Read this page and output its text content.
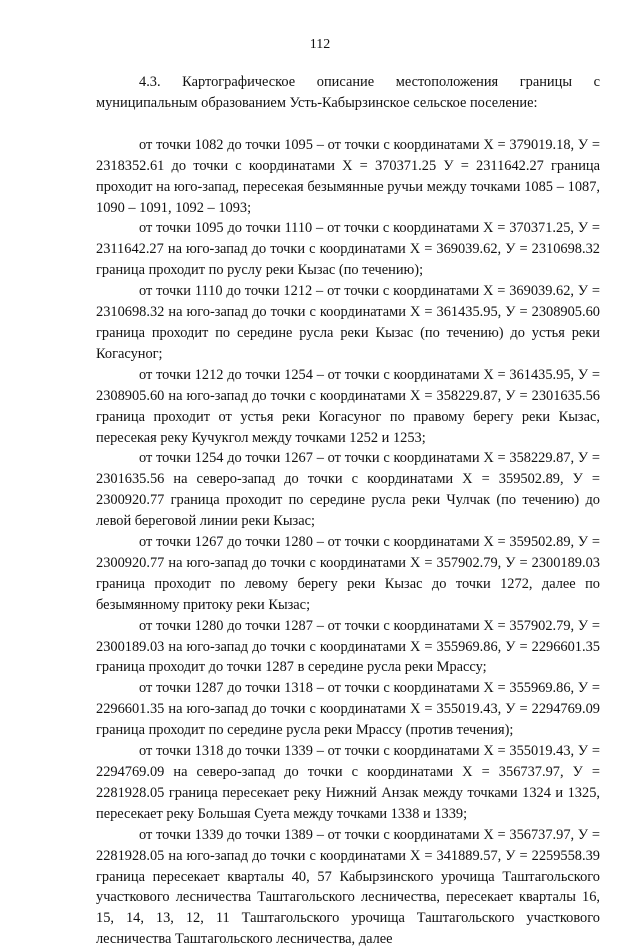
112

4.3. Картографическое описание местоположения границы с муниципальным образованием Усть-Кабырзинское сельское поселение:

от точки 1082 до точки 1095 – от точки с координатами Х = 379019.18, У = 2318352.61 до точки с координатами Х = 370371.25 У = 2311642.27 граница проходит на юго-запад, пересекая безымянные ручьи между точками 1085 – 1087, 1090 – 1091, 1092 – 1093;

от точки 1095 до точки 1110 – от точки с координатами Х = 370371.25, У = 2311642.27 на юго-запад до точки с координатами Х = 369039.62, У = 2310698.32 граница проходит по руслу реки Кызас (по течению);

от точки 1110 до точки 1212 – от точки с координатами Х = 369039.62, У = 2310698.32 на юго-запад до точки с координатами Х = 361435.95, У = 2308905.60 граница проходит по середине русла реки Кызас (по течению) до устья реки Когасуног;

от точки 1212 до точки 1254 – от точки с координатами Х = 361435.95, У = 2308905.60 на юго-запад до точки с координатами Х = 358229.87, У = 2301635.56 граница проходит от устья реки Когасуног по правому берегу реки Кызас, пересекая реку Кучукгол между точками 1252 и 1253;

от точки 1254 до точки 1267 – от точки с координатами Х = 358229.87, У = 2301635.56 на северо-запад до точки с координатами Х = 359502.89, У = 2300920.77 граница проходит по середине русла реки Чулчак (по течению) до левой береговой линии реки Кызас;

от точки 1267 до точки 1280 – от точки с координатами Х = 359502.89, У = 2300920.77 на юго-запад до точки с координатами Х = 357902.79, У = 2300189.03 граница проходит по левому берегу реки Кызас до точки 1272, далее по безымянному притоку реки Кызас;

от точки 1280 до точки 1287 – от точки с координатами Х = 357902.79, У = 2300189.03 на юго-запад до точки с координатами Х = 355969.86, У = 2296601.35 граница проходит до точки 1287 в середине русла реки Мрассу;

от точки 1287 до точки 1318 – от точки с координатами Х = 355969.86, У = 2296601.35 на юго-запад до точки с координатами Х = 355019.43, У = 2294769.09 граница проходит по середине русла реки Мрассу (против течения);

от точки 1318 до точки 1339 – от точки с координатами Х = 355019.43, У = 2294769.09 на северо-запад до точки с координатами Х = 356737.97, У = 2281928.05 граница пересекает реку Нижний Анзак между точками 1324 и 1325, пересекает реку Большая Суета между точками 1338 и 1339;

от точки 1339 до точки 1389 – от точки с координатами Х = 356737.97, У = 2281928.05 на юго-запад до точки с координатами Х = 341889.57, У = 2259558.39 граница пересекает кварталы 40, 57 Кабырзинского урочища Таштагольского участкового лесничества Таштагольского лесничества, пересекает кварталы 16, 15, 14, 13, 12, 11 Таштагольского урочища Таштагольского участкового лесничества Таштагольского лесничества, далее
